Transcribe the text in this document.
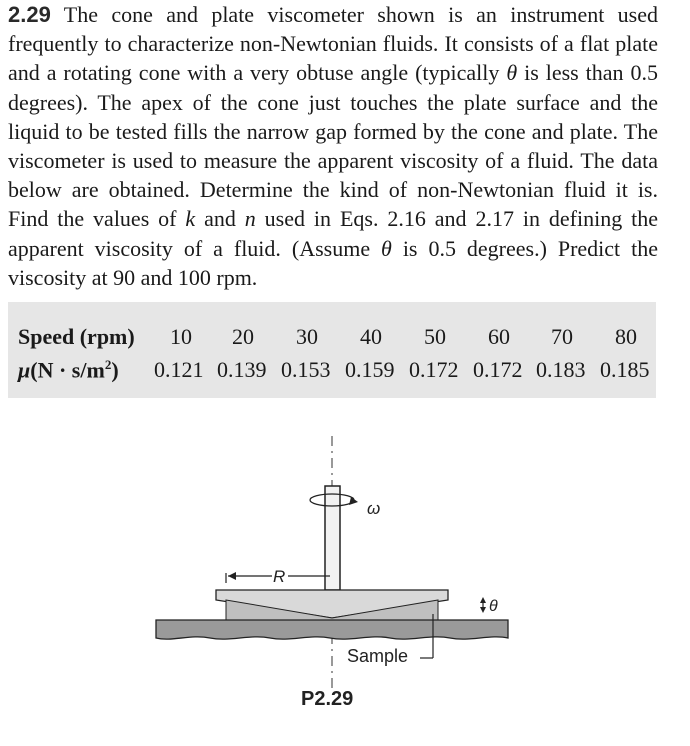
2.29 The cone and plate viscometer shown is an instrument used frequently to characterize non-Newtonian fluids. It consists of a flat plate and a rotating cone with a very obtuse angle (typically θ is less than 0.5 degrees). The apex of the cone just touches the plate surface and the liquid to be tested fills the narrow gap formed by the cone and plate. The viscometer is used to measure the apparent viscosity of a fluid. The data below are obtained. Determine the kind of non-Newtonian fluid it is. Find the values of k and n used in Eqs. 2.16 and 2.17 in defining the apparent viscosity of a fluid. (Assume θ is 0.5 degrees.) Predict the viscosity at 90 and 100 rpm.
Speed (rpm) 10 20 30 40 50 60 70 80
$\mu(N \cdot s/m^2)$ 0.121 0.139 0.153 0.159 0.172 0.172 0.183 0.185
ω
R
θ
Sample
P2.29
